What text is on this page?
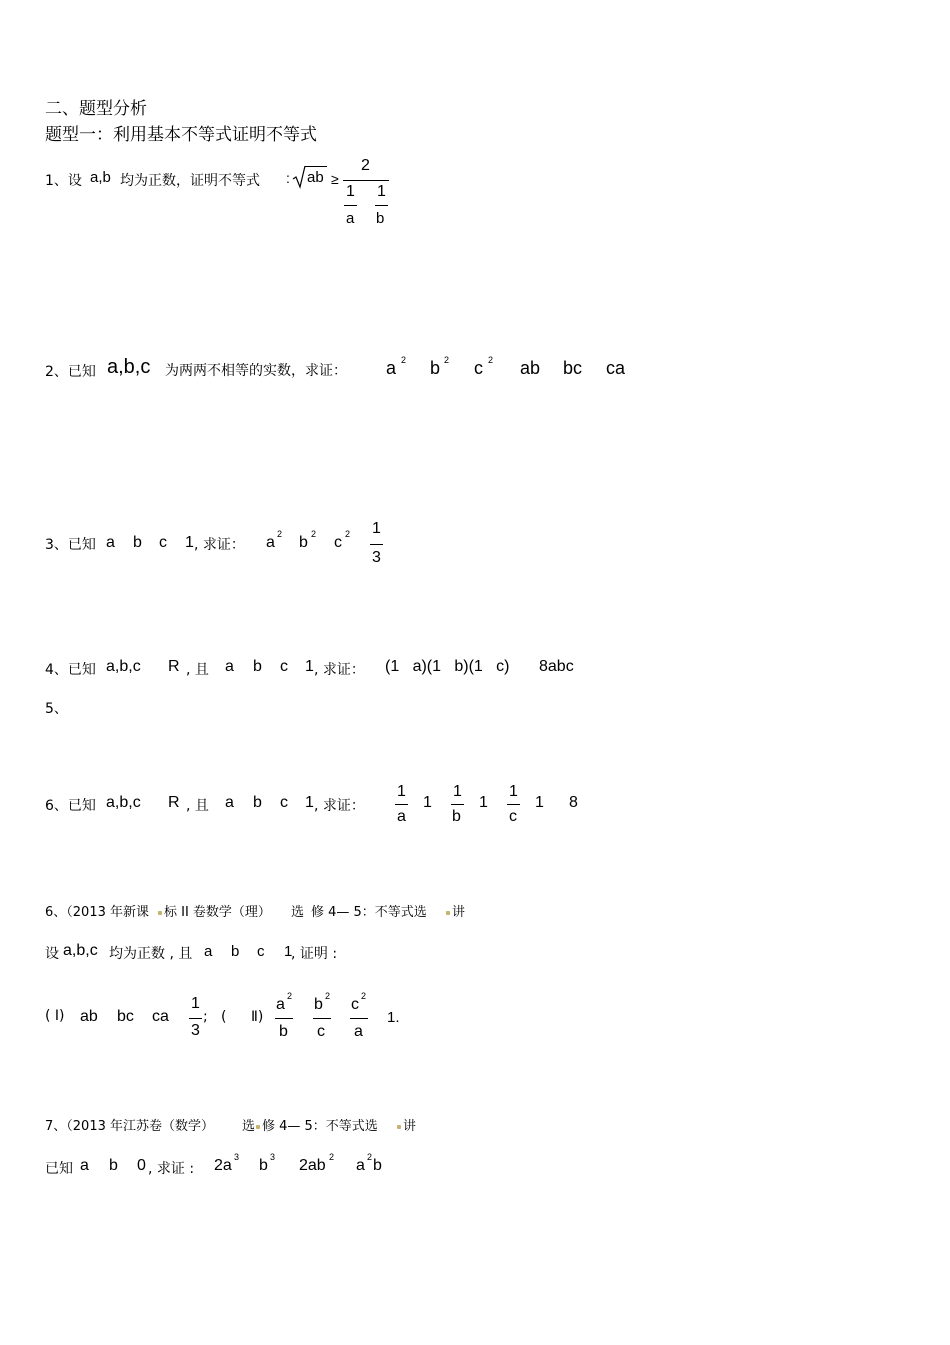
二、题型分析
题型一：利用基本不等式证明不等式
1、设 a,b 均为正数，证明不等式 : ab ≥
2
1
a
1
b
2、已知 a,b,c 为两两不相等的实数，求证： a 2 b 2 c 2 ab bc ca
3、已知 a b c 1 , 求证： a 2 b 2 c 2 1
3
4、已知 a,b,c R , 且 a b c 1 , 求证： (1   a)(1   b)(1   c) 8abc
5、
6、已知 a,b,c R , 且 a b c 1 , 求证：
1
a
1
1
b
1
1
c
1 8
6、（2013 年新课 标 II 卷数学（理） 选 修 4— 5：不等式选 讲
设 a,b,c 均为正数 , 且 a b c 1
, 证明 :
( Ⅰ) ab bc ca
1
3
; ( Ⅱ)
a 2
b
b 2
c
c 2
a
1.
7、（2013 年江苏卷（数学） 选 修 4— 5：不等式选 讲
已知 a b 0 , 求证 : 2a 3 b 3 2ab 2 a 2 b
